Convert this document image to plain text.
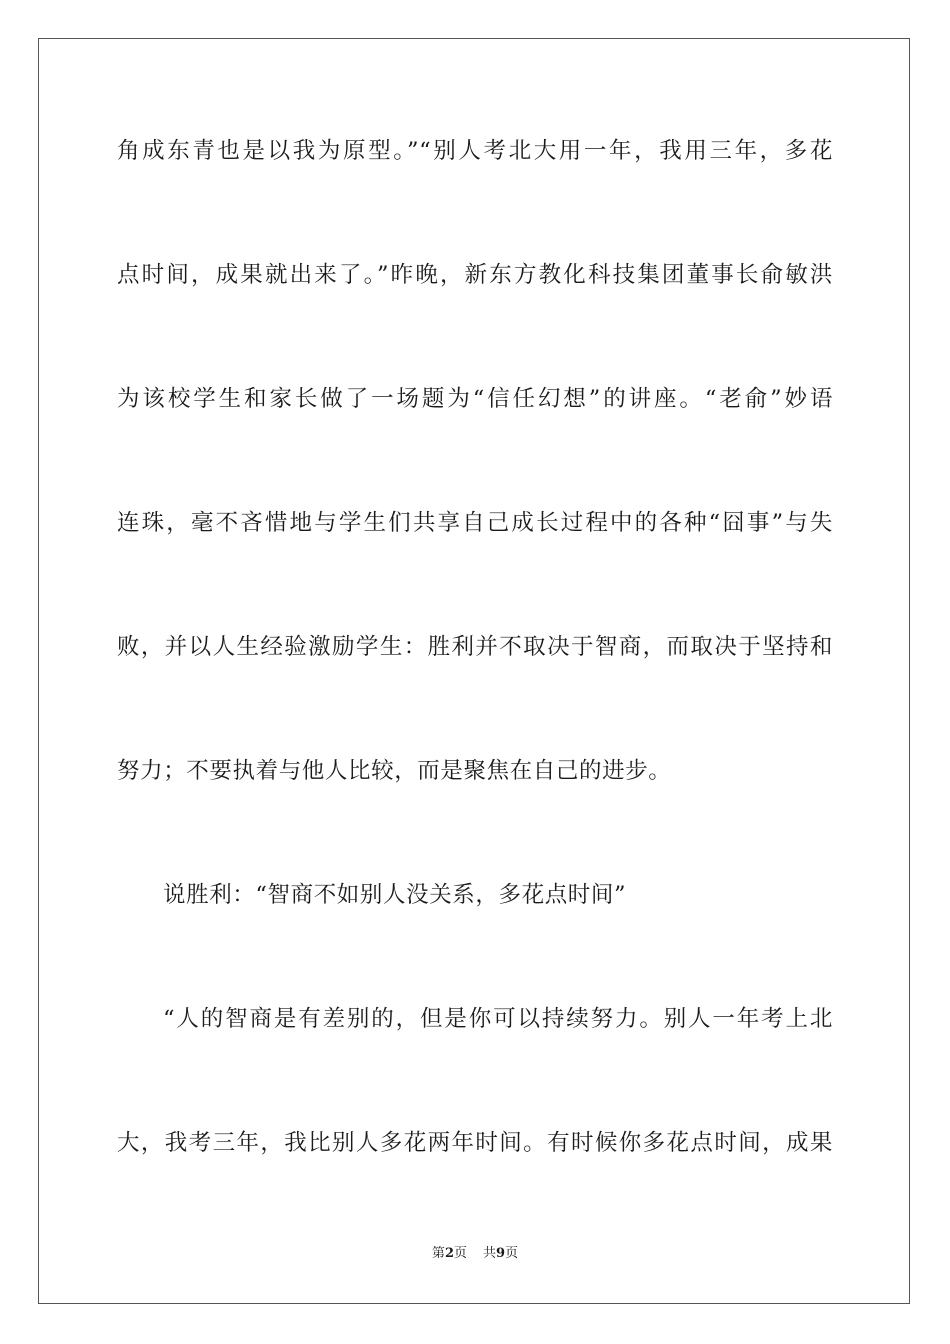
角成东青也是以我为原型。”“别人考北大用一年，我用三年，多花
点时间，成果就出来了。”昨晚，新东方教化科技集团董事长俞敏洪
为该校学生和家长做了一场题为“信任幻想”的讲座。“老俞”妙语
连珠，毫不吝惜地与学生们共享自己成长过程中的各种“囧事”与失
败，并以人生经验激励学生：胜利并不取决于智商，而取决于坚持和
努力；不要执着与他人比较，而是聚焦在自己的进步。
说胜利：“智商不如别人没关系，多花点时间”
“人的智商是有差别的，但是你可以持续努力。别人一年考上北
大，我考三年，我比别人多花两年时间。有时候你多花点时间，成果
第2页 共9页
